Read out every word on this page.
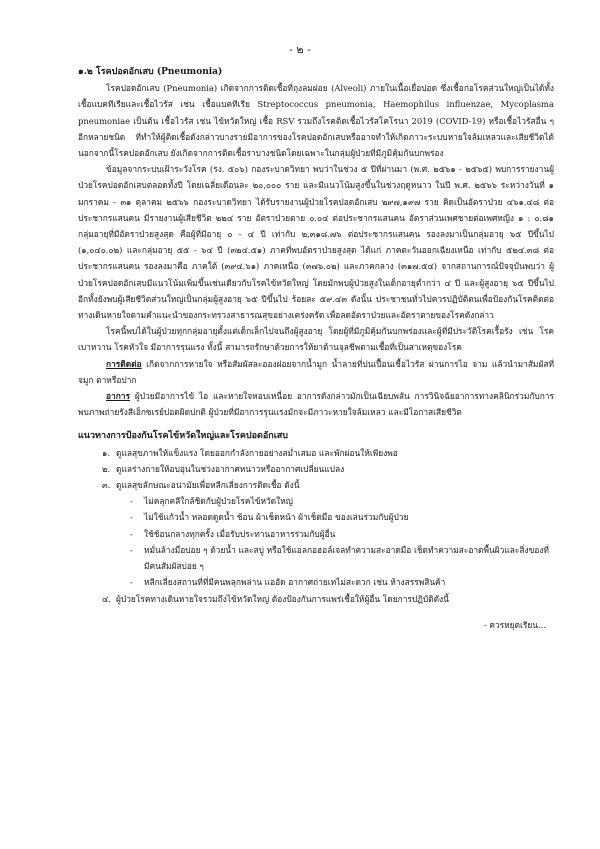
- ๒ -

๑.๒ โรคปอดอักเสบ (Pneumonia)

โรคปอดอักเสบ (Pneumonia) เกิดจากการติดเชื้อที่ถุงลมฝอย (Alveoli) ภายในเนื้อเยื่อปอด ซึ่งเชื้อก่อโรคส่วนใหญ่เป็นได้ทั้งเชื้อแบคทีเรียและเชื้อไวรัส เช่น เชื้อแบคทีเรีย Streptococcus pneumonia, Haemophilus influenzae, Mycoplasma pneumoniae เป็นต้น เชื้อไวรัส เช่น ไข้หวัดใหญ่ เชื้อ RSV รวมถึงโรคติดเชื้อไวรัสโคโรนา 2019 (COVID-19) หรือเชื้อไวรัสอื่น ๆ อีกหลายชนิด ที่ทำให้ผู้ติดเชื้อดังกล่าวบางรายมีอาการของโรคปอดอักเสบหรืออาจทำให้เกิดภาวะระบบหายใจล้มเหลวและเสียชีวิตได้ นอกจากนี้โรคปอดอักเสบ ยังเกิดจากการติดเชื้อราบางชนิดโดยเฉพาะในกลุ่มผู้ป่วยที่มีภูมิคุ้มกันบกพร่อง

ข้อมูลจากระบบเฝ้าระวังโรค (รง. ๕๐๖) กองระบาดวิทยา พบว่าในช่วง ๕ ปีที่ผ่านมา (พ.ศ. ๒๕๖๑ - ๒๕๖๕) พบการรายงานผู้ป่วยโรคปอดอักเสบตลอดทั้งปี โดยเฉลี่ยเดือนละ ๒๐,๐๐๐ ราย และมีแนวโน้มสูงขึ้นในช่วงฤดูหนาว ในปี พ.ศ. ๒๕๖๖ ระหว่างวันที่ ๑ มกราคม - ๓๑ ตุลาคม ๒๕๖๖ กองระบาดวิทยา ได้รับรายงานผู้ป่วยโรคปอดอักเสบ ๒๙๗,๑๙๗ ราย คิดเป็นอัตราป่วย ๔๖๑.๔๘ ต่อประชากรแสนคน มีรายงานผู้เสียชีวิต ๒๒๔ ราย อัตราป่วยตาย ๐.๐๔ ต่อประชากรแสนคน อัตราส่วนเพศชายต่อเพศหญิง ๑ : ๐.๘๑ กลุ่มอายุที่มีอัตราป่วยสูงสุด คือผู้ที่มีอายุ ๐ - ๔ ปี เท่ากับ ๒,๓๑๘.๗๖ ต่อประชากรแสนคน รองลงมาเป็นกลุ่มอายุ ๖๕ ปีขึ้นไป (๑,๐๔๐.๐๒) และกลุ่มอายุ ๕๕ - ๖๔ ปี (๓๒๔.๕๑) ภาคที่พบอัตราป่วยสูงสุด ได้แก่ ภาคตะวันออกเฉียงเหนือ เท่ากับ ๕๒๔.๓๘ ต่อประชากรแสนคน รองลงมาคือ ภาคใต้ (๓๙๔.๖๑) ภาคเหนือ (๓๗๖.๐๒) และภาคกลาง (๓๑๗.๕๔) จากสถานการณ์ปัจจุบันพบว่า ผู้ป่วยโรคปอดอักเสบมีแนวโน้มเพิ่มขึ้นเช่นเดียวกับโรคไข้หวัดใหญ่ โดยมักพบผู้ป่วยสูงในเด็กอายุต่ำกว่า ๔ ปี และผู้สูงอายุ ๖๕ ปีขึ้นไป อีกทั้งยังพบผู้เสียชีวิตส่วนใหญ่เป็นกลุ่มผู้สูงอายุ ๖๕ ปีขึ้นไป ร้อยละ ๕๙.๔๓ ดังนั้น ประชาชนทั่วไปควรปฏิบัติตนเพื่อป้องกันโรคติดต่อทางเดินหายใจตามคำแนะนำของกระทรวงสาธารณสุขอย่างเคร่งครัด เพื่อลดอัตราป่วยและอัตราตายของโรคดังกล่าว

โรคนี้พบได้ในผู้ป่วยทุกกลุ่มอายุตั้งแต่เด็กเล็กไปจนถึงผู้สูงอายุ โดยผู้ที่มีภูมิคุ้มกันบกพร่องและผู้ที่มีประวัติโรคเรื้อรัง เช่น โรคเบาหวาน โรคหัวใจ มีอาการรุนแรง ทั้งนี้ สามารถรักษาด้วยการให้ยาต้านจุลชีพตามเชื้อที่เป็นสาเหตุของโรค

การติดต่อ เกิดจากการหายใจ หรือสัมผัสละอองฝอยจากน้ำมูก น้ำลายที่ปนเปื้อนเชื้อไวรัส ผ่านการไอ จาม แล้วนำมาสัมผัสที่จมูก ตาหรือปาก

อาการ ผู้ป่วยมีอาการไข้ ไอ และหายใจหอบเหนื่อย อาการดังกล่าวมักเป็นเฉียบพลัน การวินิจฉัยอาการทางคลินิกร่วมกับการพบภาพถ่ายรังสีเอ็กซเรย์ปอดผิดปกติ ผู้ป่วยที่มีอาการรุนแรงมักจะมีภาวะหายใจล้มเหลว และมีโอกาสเสียชีวิต

แนวทางการป้องกันโรคไข้หวัดใหญ่และโรคปอดอักเสบ

๑. ดูแลสุขภาพให้แข็งแรง โดยออกกำลังกายอย่างสม่ำเสมอ และพักผ่อนให้เพียงพอ
๒. ดูแลร่างกายให้อบอุ่นในช่วงอากาศหนาวหรืออากาศเปลี่ยนแปลง
๓. ดูแลสุขลักษณะอนามัยเพื่อหลีกเลี่ยงการติดเชื้อ ดังนี้
- ไม่คลุกคลีใกล้ชิดกับผู้ป่วยโรคไข้หวัดใหญ่
- ไม่ใช้แก้วน้ำ หลอดดูดน้ำ ช้อน ผ้าเช็ดหน้า ผ้าเช็ดมือ ของเล่นร่วมกับผู้ป่วย
- ใช้ช้อนกลางทุกครั้ง เมื่อรับประทานอาหารร่วมกับผู้อื่น
- หมั่นล้างมือบ่อย ๆ ด้วยน้ำ และสบู่ หรือใช้แอลกอฮอล์เจลทำความสะอาดมือ เช็ดทำความสะอาดพื้นผิวและสิ่งของที่มีคนสัมผัสบ่อย ๆ
- หลีกเลี่ยงสถานที่ที่มีคนพลุกพล่าน แออัด อากาศถ่ายเทไม่สะดวก เช่น ห้างสรรพสินค้า
๔. ผู้ป่วยโรคทางเดินหายใจรวมถึงไข้หวัดใหญ่ ต้องป้องกันการแพร่เชื้อให้ผู้อื่น โดยการปฏิบัติดังนี้
- ควรหยุดเรียน...
